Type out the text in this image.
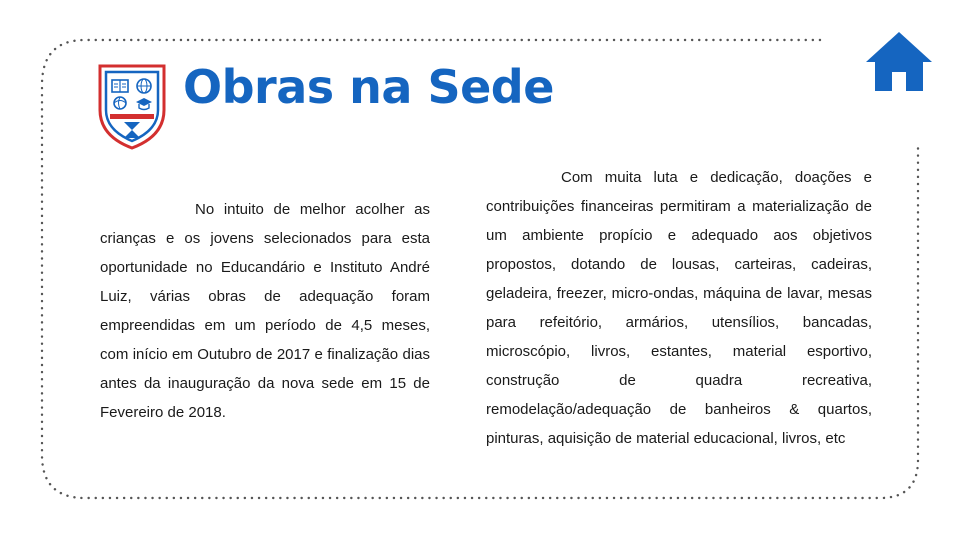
Obras na Sede

No intuito de melhor acolher as crianças e os jovens selecionados para esta oportunidade no Educandário e Instituto André Luiz, várias obras de adequação foram empreendidas em um período de 4,5 meses, com início em Outubro de 2017 e finalização dias antes da inauguração da nova sede em 15 de Fevereiro de 2018.

Com muita luta e dedicação, doações e contribuições financeiras permitiram a materialização de um ambiente propício e adequado aos objetivos propostos, dotando de lousas, carteiras, cadeiras, geladeira, freezer, micro-ondas, máquina de lavar, mesas para refeitório, armários, utensílios, bancadas, microscópio, livros, estantes, material esportivo, construção de quadra recreativa, remodelação/adequação de banheiros & quartos, pinturas, aquisição de material educacional, livros, etc
